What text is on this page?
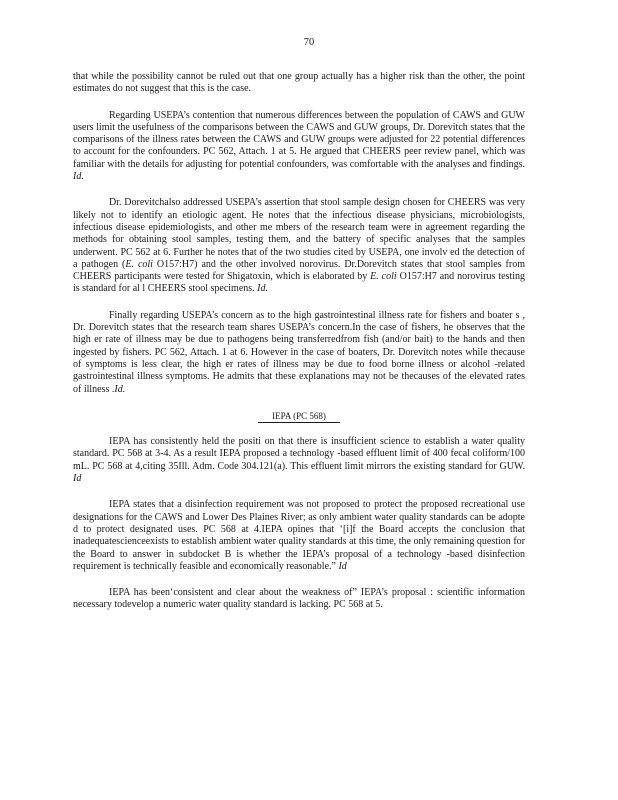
70

that while the possibility cannot be ruled out that one group actually has a higher risk than the other, the point estimates do not suggest that this is the case.

Regarding USEPA’s contention that numerous differences between the population of CAWS and GUW users limit the usefulness of the comparisons between the CAWS and GUW groups, Dr. Dorevitch states that the comparisons of the illness rates between the CAWS and GUW groups were adjusted for 22 potential differences to account for the confounders. PC 562, Attach. 1 at 5. He argued that CHEERS peer review panel, which was familiar with the details for adjusting for potential confounders, was comfortable with the analyses and findings. Id.

Dr. Dorevitchalso addressed USEPA’s assertion that stool sample design chosen for CHEERS was very likely not to identify an etiologic agent. He notes that the infectious disease physicians, microbiologists, infectious disease epidemiologists, and other me mbers of the research team were in agreement regarding the methods for obtaining stool samples, testing them, and the battery of specific analyses that the samples underwent. PC 562 at 6. Further he notes that of the two studies cited by USEPA, one involv ed the detection of a pathogen (E. coli O157:H7) and the other involved norovirus. Dr.Dorevitch states that stool samples from CHEERS participants were tested for Shigatoxin, which is elaborated by E. coli O157:H7 and norovirus testing is standard for al l CHEERS stool specimens. Id.

Finally regarding USEPA’s concern as to the high gastrointestinal illness rate for fishers and boater s , Dr. Dorevitch states that the research team shares USEPA’s concern.In the case of fishers, he observes that the high er rate of illness may be due to pathogens being transferredfrom fish (and/or bait) to the hands and then ingested by fishers. PC 562, Attach. 1 at 6. However in the case of boaters, Dr. Dorevitch notes while thecause of symptoms is less clear, the high er rates of illness may be due to food borne illness or alcohol -related gastrointestinal illness symptoms. He admits that these explanations may not be thecauses of the elevated rates of illness .Id.

IEPA (PC 568)

IEPA has consistently held the positi on that there is insufficient science to establish a water quality standard. PC 568 at 3-4. As a result IEPA proposed a technology -based effluent limit of 400 fecal coliform/100 mL. PC 568 at 4,citing 35Ill. Adm. Code 304.121(a). This effluent limit mirrors the existing standard for GUW. Id

IEPA states that a disinfection requirement was not proposed to protect the proposed recreational use designations for the CAWS and Lower Des Plaines River; as only ambient water quality standards can be adopte d to protect designated uses. PC 568 at 4.IEPA opines that ‘[i]f the Board accepts the conclusion that inadequatescienceexists to establish ambient water quality standards at this time, the only remaining question for the Board to answer in subdocket B is whether the IEPA’s proposal of a technology -based disinfection requirement is technically feasible and economically reasonable.” Id

IEPA has been‘consistent and clear about the weakness of” IEPA’s proposal : scientific information necessary todevelop a numeric water quality standard is lacking. PC 568 at 5.
